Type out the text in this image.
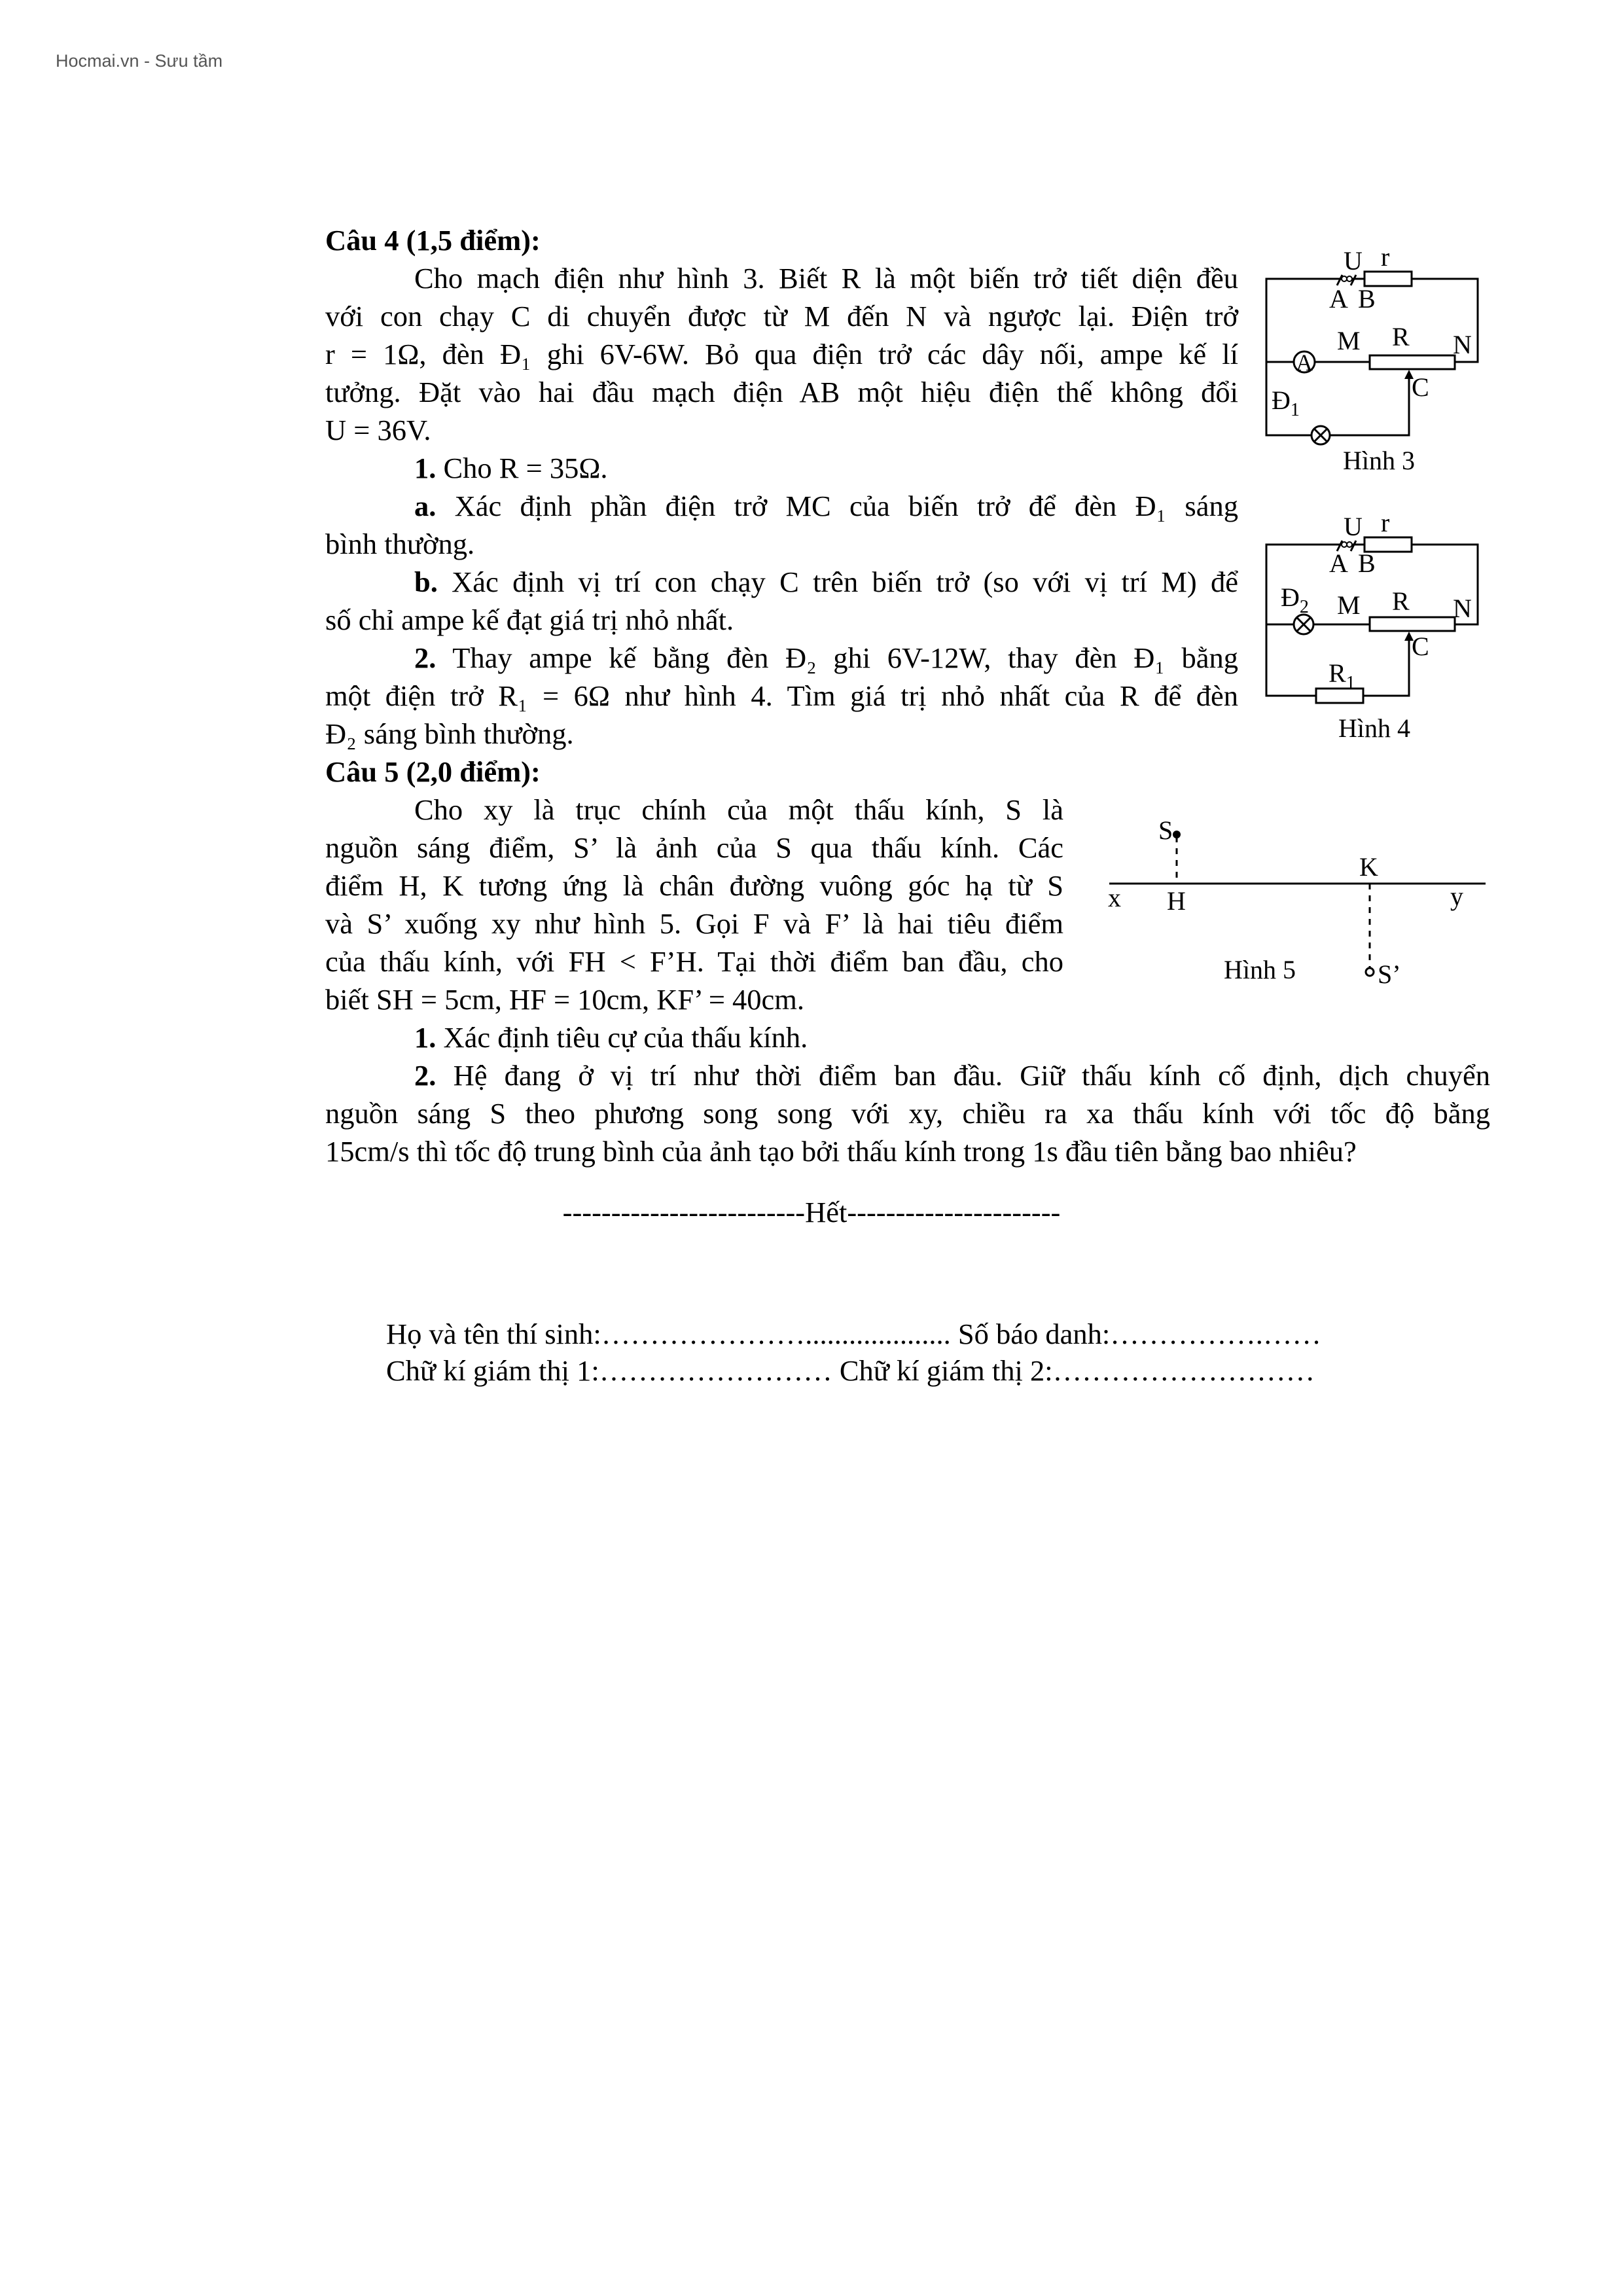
Hocmai.vn - Sưu tầm

Câu 4 (1,5 điểm):

Cho mạch điện như hình 3. Biết R là một biến trở tiết diện đều

với con chạy C di chuyển được từ M đến N và ngược lại. Điện trở

r = 1Ω, đèn Đ₁ ghi 6V-6W. Bỏ qua điện trở các dây nối, ampe kế lí

tưởng. Đặt vào hai đầu mạch điện AB một hiệu điện thế không đổi

U = 36V.

1. Cho R = 35Ω.

a. Xác định phần điện trở MC của biến trở để đèn Đ₁ sáng

bình thường.

b. Xác định vị trí con chạy C trên biến trở (so với vị trí M) để

số chỉ ampe kế đạt giá trị nhỏ nhất.

2. Thay ampe kế bằng đèn Đ₂ ghi 6V-12W, thay đèn Đ₁ bằng

một điện trở R₁ = 6Ω như hình 4. Tìm giá trị nhỏ nhất của R để đèn

Đ₂ sáng bình thường.

Câu 5 (2,0 điểm):

Cho xy là trục chính của một thấu kính, S là

nguồn sáng điểm, S’ là ảnh của S qua thấu kính. Các

điểm H, K tương ứng là chân đường vuông góc hạ từ S

và S’ xuống xy như hình 5. Gọi F và F’ là hai tiêu điểm

của thấu kính, với FH < F’H. Tại thời điểm ban đầu, cho

biết SH = 5cm, HF = 10cm, KF’ = 40cm.

1. Xác định tiêu cự của thấu kính.

2. Hệ đang ở vị trí như thời điểm ban đầu. Giữ thấu kính cố định, dịch chuyển

nguồn sáng S theo phương song song với xy, chiều ra xa thấu kính với tốc độ bằng

15cm/s thì tốc độ trung bình của ảnh tạo bởi thấu kính trong 1s đầu tiên bằng bao nhiêu?

U
A B
r
M R N
C
A
$Đ_1$
Hình 3
U
A B
r
M R N
C
$Đ_2$
$R_1$
Hình 4
S
x H
K
y
S’
Hình 5
-------------------------Hết----------------------
Họ và tên thí sinh:………………….................... Số báo danh:…………….……
Chữ kí giám thị 1:…………………… Chữ kí giám thị 2:………………………
